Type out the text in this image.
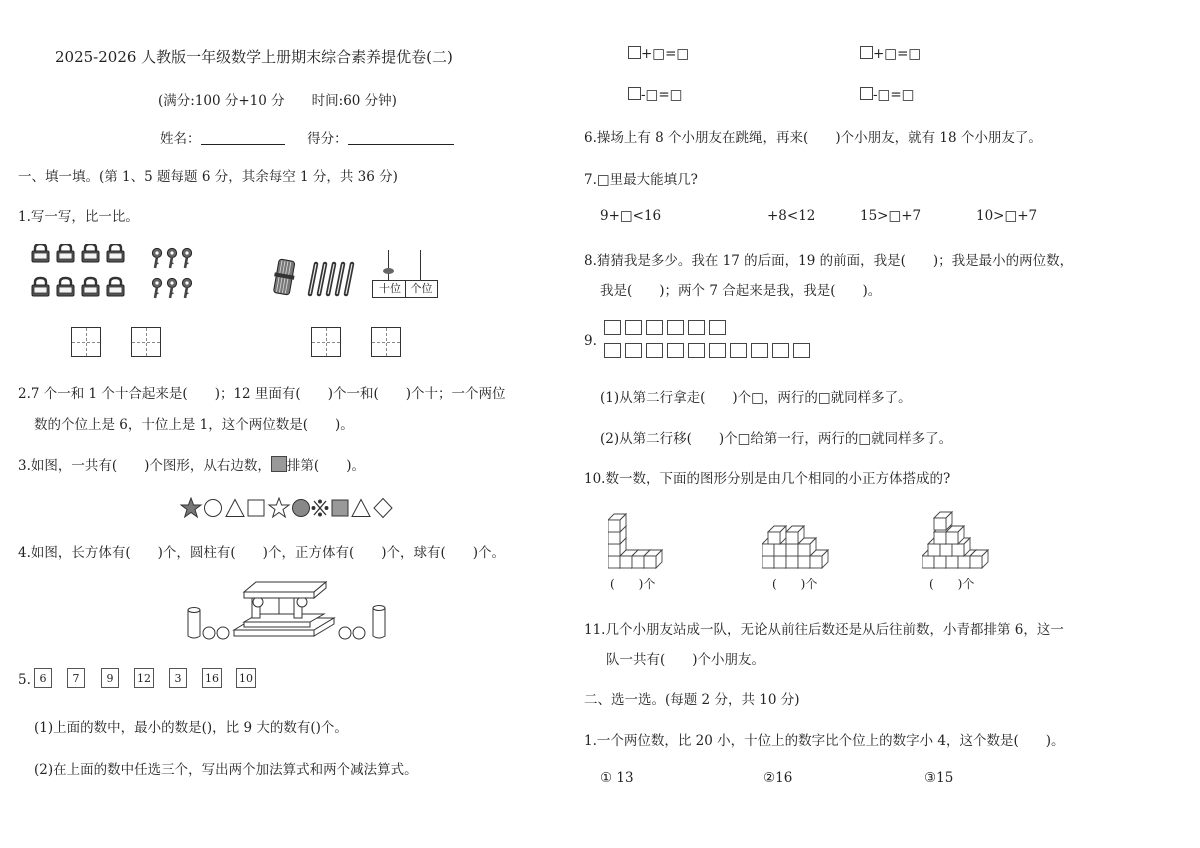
2025-2026 人教版一年级数学上册期末综合素养提优卷(二)
(满分:100 分+10 分　　时间:60 分钟)
姓名：	得分：
一、填一填。(第 1、5 题每题 6 分，其余每空 1 分，共 36 分)
1.写一写，比一比。
十位 个位
2.7 个一和 1 个十合起来是(　　)；12 里面有(　　)个一和(　　)个十；一个两位
数的个位上是 6，十位上是 1，这个两位数是(　　)。
3.如图，一共有(　　)个图形，从右边数， 排第(　　)。
4.如图，长方体有(　　)个，圆柱有(　　)个，正方体有(　　)个，球有(　　)个。
5. 6	7	9	12	3	16 10
(1)上面的数中，最小的数是()，比 9 大的数有()个。
(2)在上面的数中任选三个，写出两个加法算式和两个减法算式。
+□=□	+□=□
-□=□	-□=□
6.操场上有 8 个小朋友在跳绳，再来(　　)个小朋友，就有 18 个小朋友了。
7.□里最大能填几?
9+□<16	+8<12	15>□+7	10>□+7
8.猜猜我是多少。我在 17 的后面，19 的前面，我是(　　)；我是最小的两位数，
我是(　　)；两个 7 合起来是我，我是(　　)。
9.
(1)从第二行拿走(　　)个□，两行的□就同样多了。
(2)从第二行移(　　)个□给第一行，两行的□就同样多了。
10.数一数，下面的图形分别是由几个相同的小正方体搭成的?
(　　)个	(　　)个	(　　)个
11.几个小朋友站成一队，无论从前往后数还是从后往前数，小青都排第 6，这一
队一共有(　　)个小朋友。
二、选一选。(每题 2 分，共 10 分)
1.一个两位数，比 20 小，十位上的数字比个位上的数字小 4，这个数是(　　)。
① 13	②16	③15
